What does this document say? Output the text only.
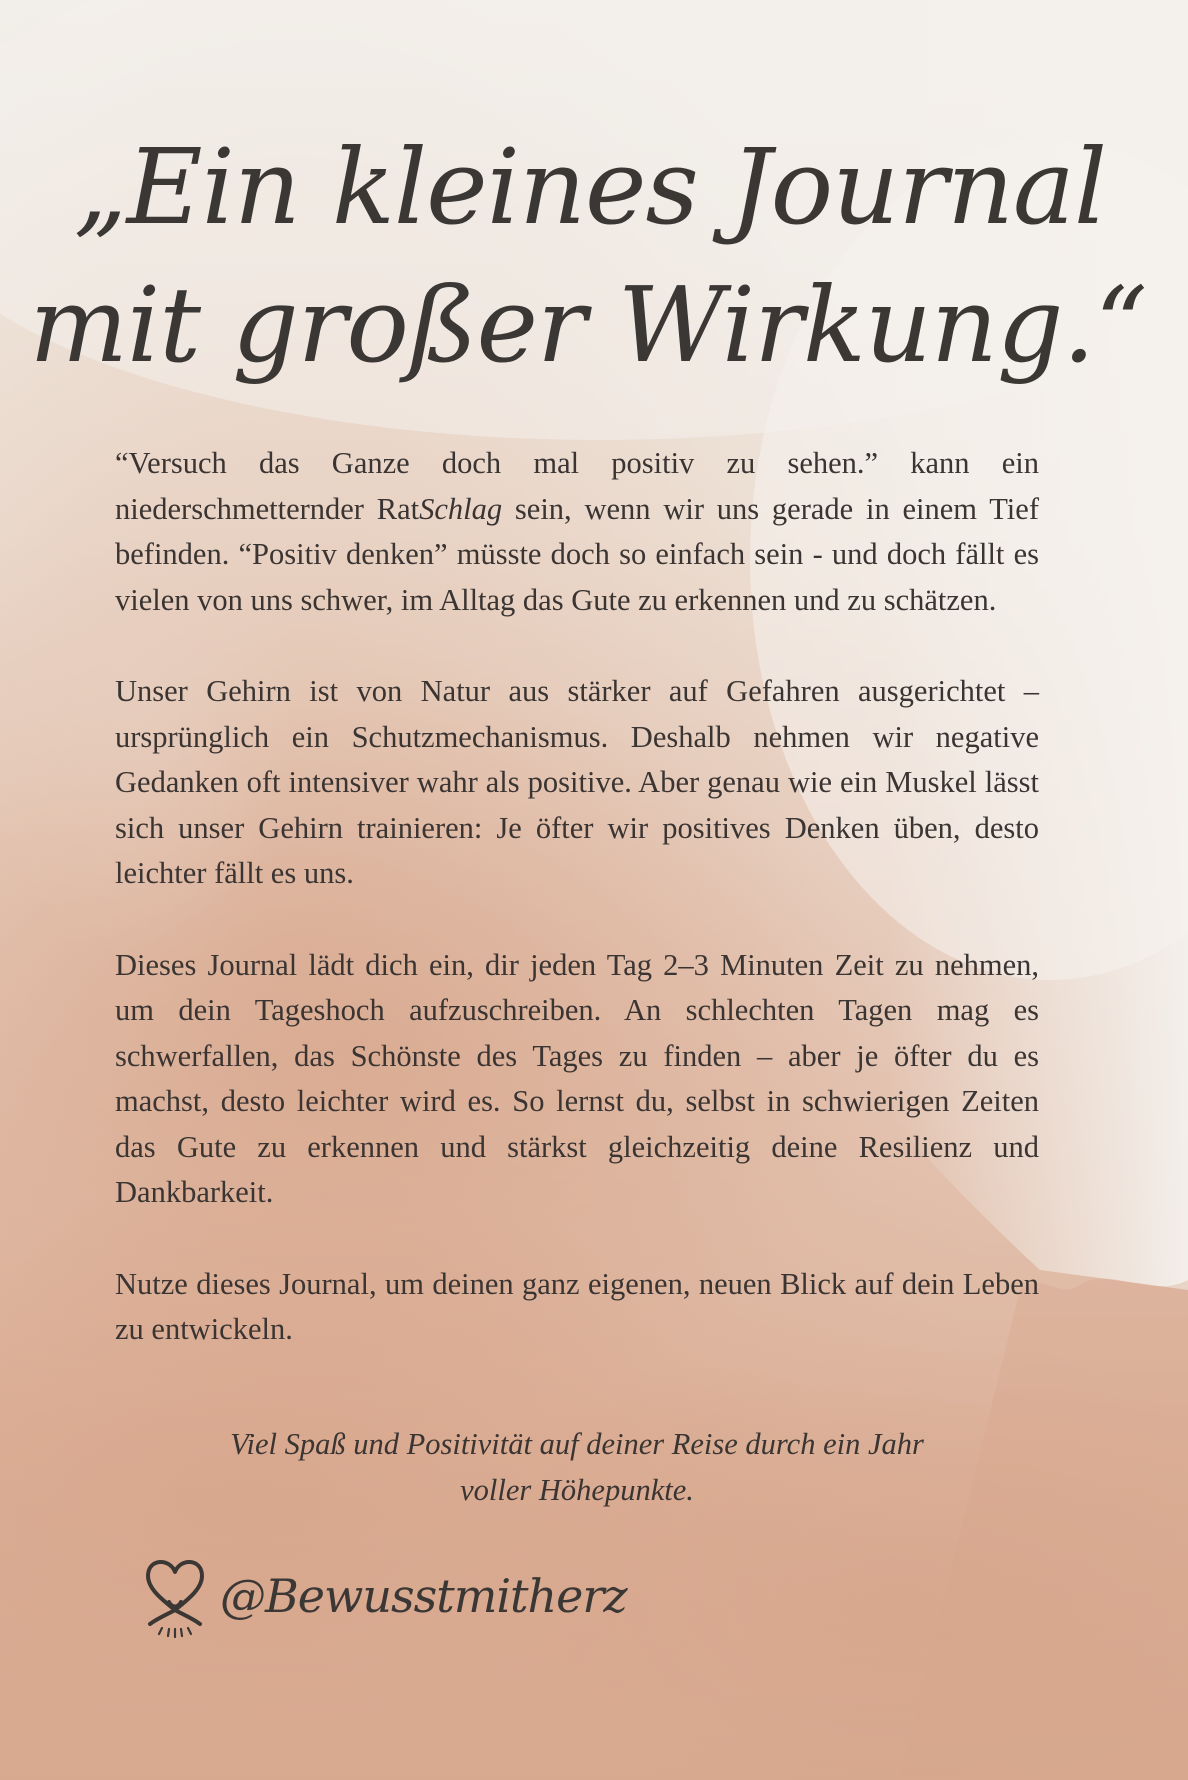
„Ein kleines Journal
mit großer Wirkung.“

“Versuch das Ganze doch mal positiv zu sehen.” kann ein niederschmetternder RatSchlag sein, wenn wir uns gerade in einem Tief befinden. “Positiv denken” müsste doch so einfach sein - und doch fällt es vielen von uns schwer, im Alltag das Gute zu erkennen und zu schätzen.

Unser Gehirn ist von Natur aus stärker auf Gefahren ausgerichtet – ursprünglich ein Schutzmechanismus. Deshalb nehmen wir negative Gedanken oft intensiver wahr als positive. Aber genau wie ein Muskel lässt sich unser Gehirn trainieren: Je öfter wir positives Denken üben, desto leichter fällt es uns.

Dieses Journal lädt dich ein, dir jeden Tag 2–3 Minuten Zeit zu nehmen, um dein Tageshoch aufzuschreiben. An schlechten Tagen mag es schwerfallen, das Schönste des Tages zu finden – aber je öfter du es machst, desto leichter wird es. So lernst du, selbst in schwierigen Zeiten das Gute zu erkennen und stärkst gleichzeitig deine Resilienz und Dankbarkeit.

Nutze dieses Journal, um deinen ganz eigenen, neuen Blick auf dein Leben zu entwickeln.

Viel Spaß und Positivität auf deiner Reise durch ein Jahr
voller Höhepunkte.
@Bewusstmitherz
